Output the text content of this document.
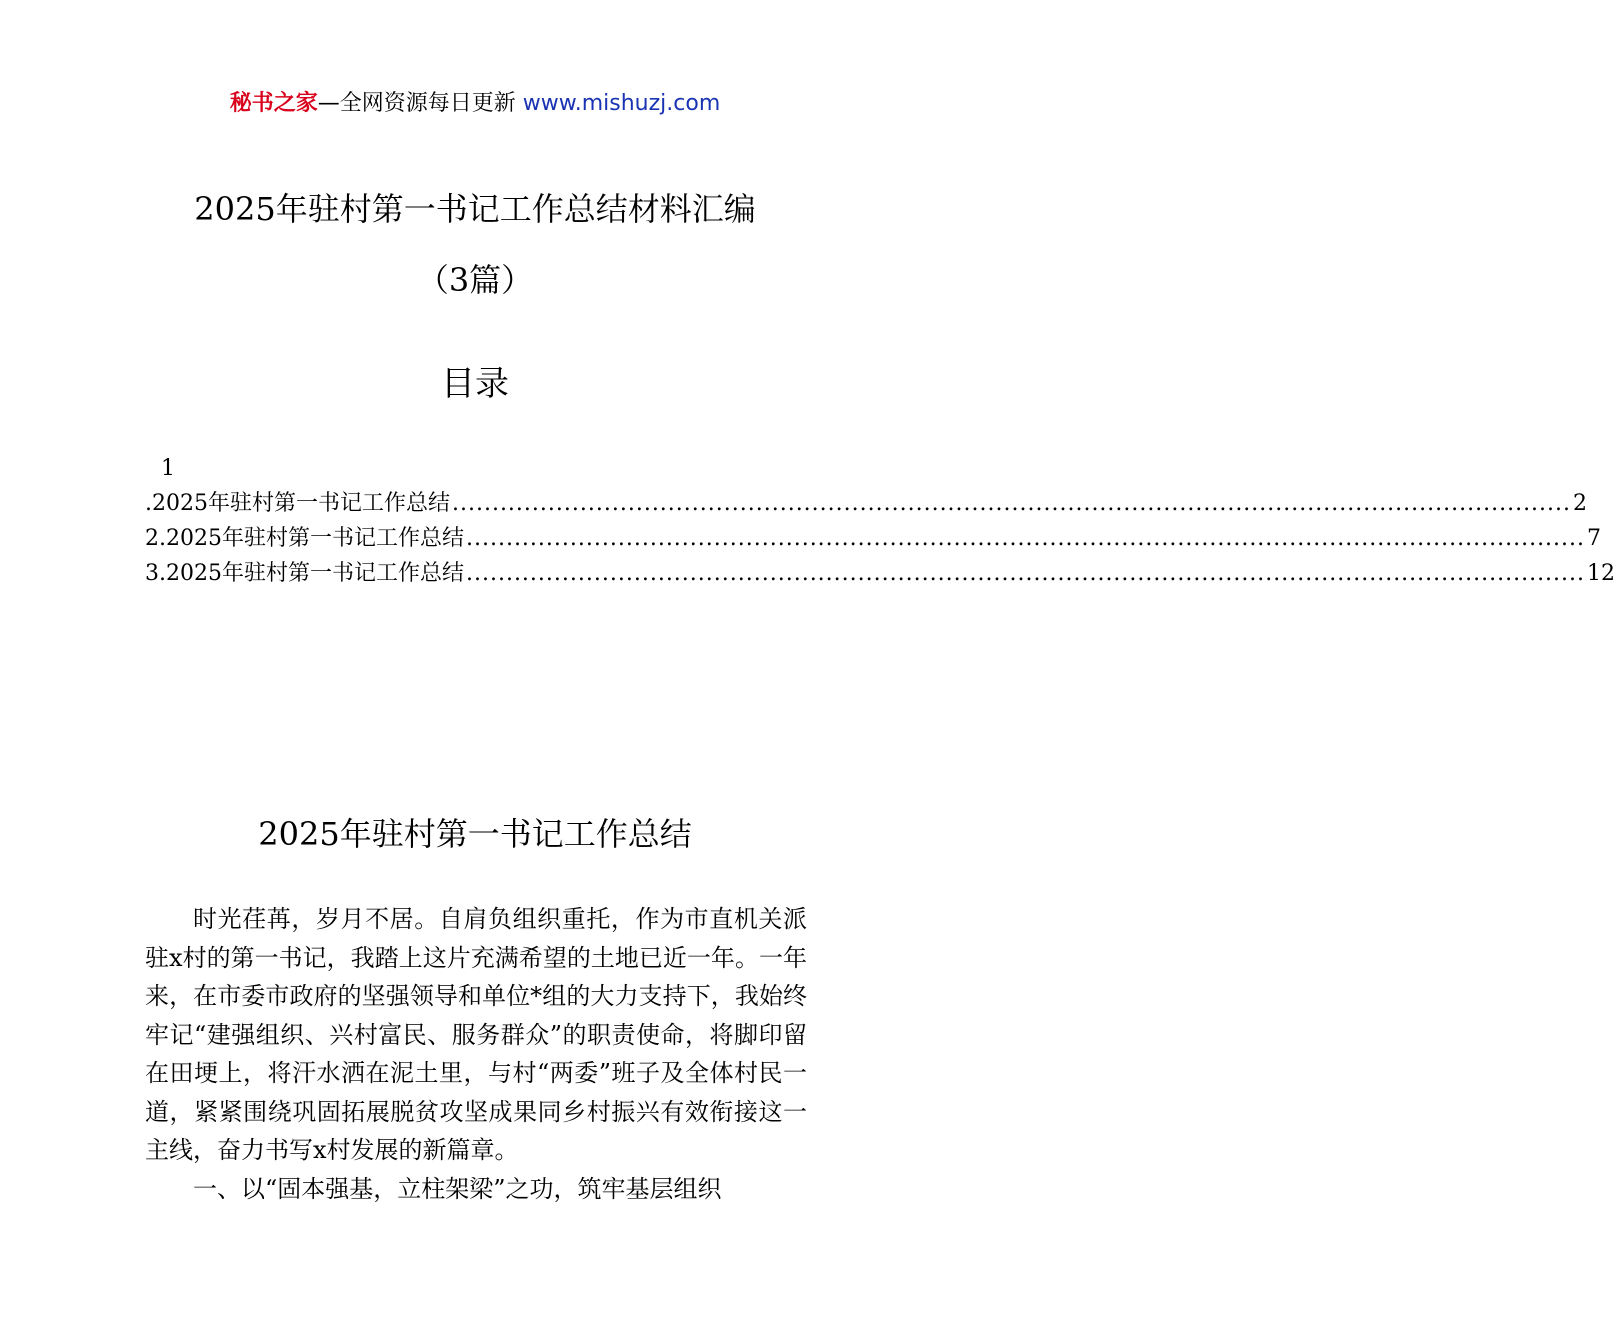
秘书之家—全网资源每日更新 www.mishuzj.com
2025年驻村第一书记工作总结材料汇编
（3篇）
目录
1
.2025年驻村第一书记工作总结 ............................................................................................................................................ 2
2.2025年驻村第一书记工作总结 ............................................................................................................................................ 7
3.2025年驻村第一书记工作总结 ............................................................................................................................................ 12
2025年驻村第一书记工作总结

时光荏苒，岁月不居。自肩负组织重托，作为市直机关派驻x村的第一书记，我踏上这片充满希望的土地已近一年。一年来，在市委市政府的坚强领导和单位*组的大力支持下，我始终牢记“建强组织、兴村富民、服务群众”的职责使命，将脚印留在田埂上，将汗水洒在泥土里，与村“两委”班子及全体村民一道，紧紧围绕巩固拓展脱贫攻坚成果同乡村振兴有效衔接这一主线，奋力书写x村发展的新篇章。

一、以“固本强基，立柱架梁”之功，筑牢基层组织
